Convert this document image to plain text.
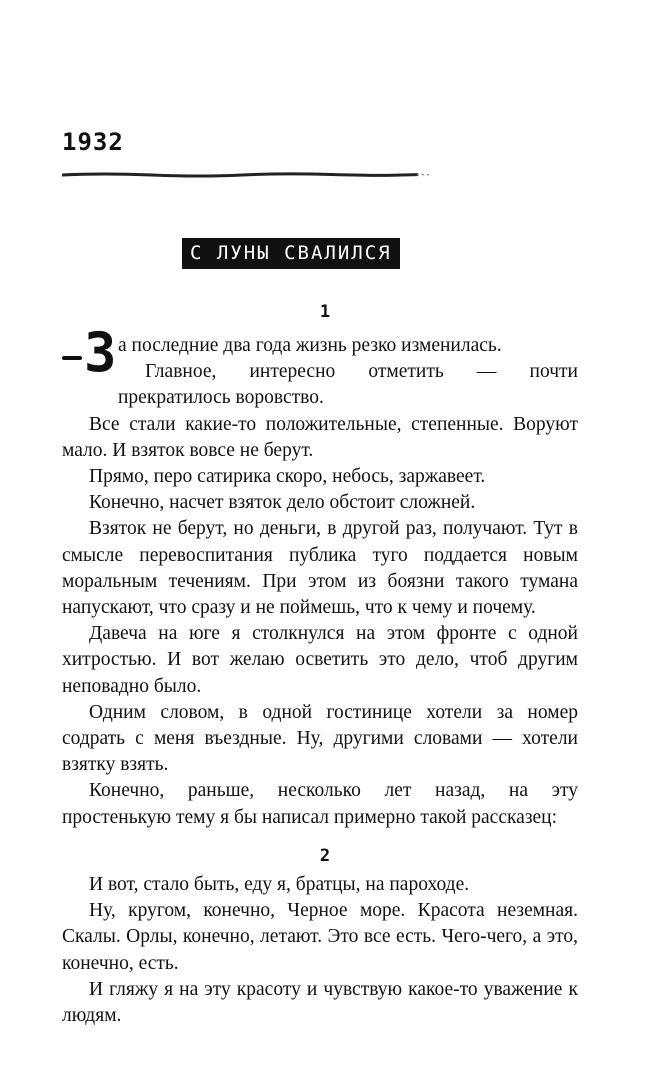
1932
С ЛУНЫ СВАЛИЛСЯ
1

З а последние два года жизнь резко изменилась.

Главное, интересно отметить — почти прекратилось воровство.

Все стали какие-то положительные, степенные. Воруют мало. И взяток вовсе не берут.

Прямо, перо сатирика скоро, небось, заржавеет.

Конечно, насчет взяток дело обстоит сложней.

Взяток не берут, но деньги, в другой раз, получают. Тут в смысле перевоспитания публика туго поддается новым моральным течениям. При этом из боязни такого тумана напускают, что сразу и не поймешь, что к чему и почему.

Давеча на юге я столкнулся на этом фронте с одной хитростью. И вот желаю осветить это дело, чтоб другим неповадно было.

Одним словом, в одной гостинице хотели за номер содрать с меня въездные. Ну, другими словами — хотели взятку взять.

Конечно, раньше, несколько лет назад, на эту простенькую тему я бы написал примерно такой рассказец:

2

И вот, стало быть, еду я, братцы, на пароходе.

Ну, кругом, конечно, Черное море. Красота неземная. Скалы. Орлы, конечно, летают. Это все есть. Чего-чего, а это, конечно, есть.

И гляжу я на эту красоту и чувствую какое-то уважение к людям.
